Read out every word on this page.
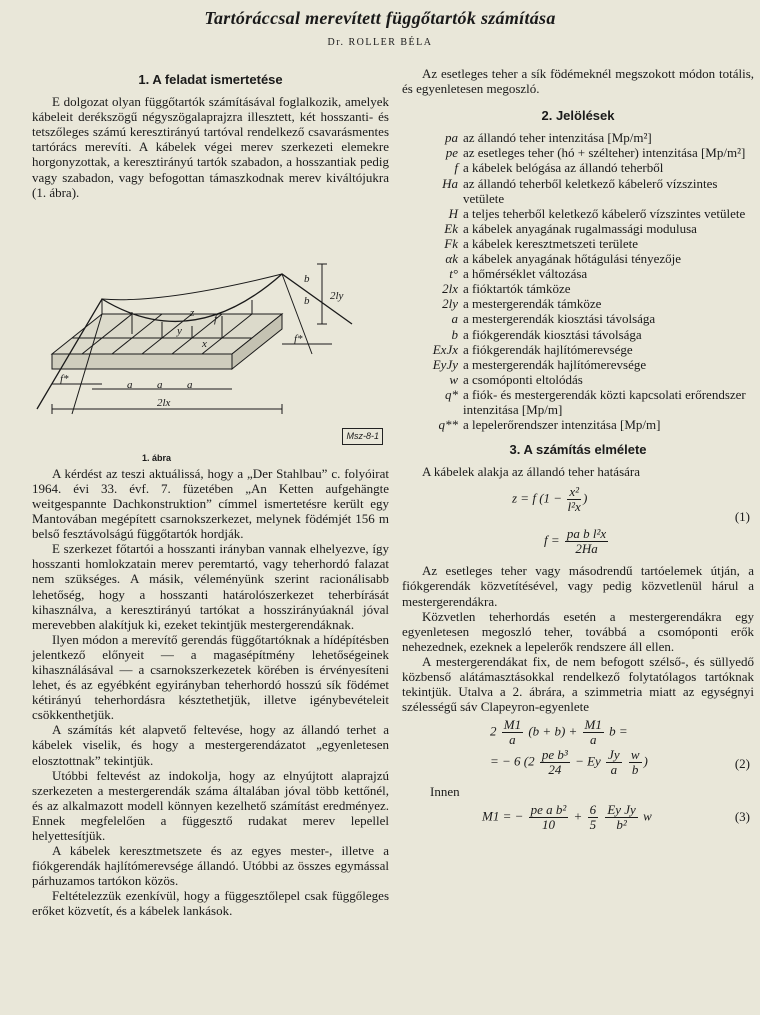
Tartóráccsal merevített függőtartók számítása
Dr. ROLLER BÉLA
1. A feladat ismertetése

E dolgozat olyan függőtartók számításával foglalkozik, amelyek kábeleit derékszögű négyszögalaprajzra illesztett, két hosszanti- és tetszőleges számú keresztirányú tartóval rendelkező csavarásmentes tartórács merevíti. A kábelek végei merev szerkezeti elemekre horgonyzottak, a keresztirányú tartók szabadon, a hosszantiak pedig vagy szabadon, vagy befogottan támaszkodnak merev kiváltójukra (1. ábra).

f*
f*
a a a
2lx
2ly
b
b
y
x
z f
1. ábra
Msz-8-1

A kérdést az teszi aktuálissá, hogy a „Der Stahlbau” c. folyóirat 1964. évi 33. évf. 7. füzetében „An Ketten aufgehängte weitgespannte Dachkonstruktion” címmel ismertetésre került egy Mantovában megépített csarnokszerkezet, melynek födémjét 156 m belső fesztávolságú függőtartók hordják.

E szerkezet főtartói a hosszanti irányban vannak elhelyezve, így hosszanti homlokzatain merev peremtartó, vagy teherhordó falazat nem szükséges. A másik, véleményünk szerint racionálisabb lehetőség, hogy a hosszanti határolószerkezet teherbírását kihasználva, a keresztirányú tartókat a hosszirányúaknál jóval merevebben alakítjuk ki, ezeket tekintjük mestergerendáknak.

Ilyen módon a merevítő gerendás függőtartóknak a hídépítésben jelentkező előnyeit — a magasépítmény lehetőségeinek kihasználásával — a csarnokszerkezetek körében is érvényesíteni lehet, és az egyébként egyirányban teherhordó hosszú sík födémet kétirányú teherhordásra késztethetjük, illetve igénybevételeit csökkenthetjük.

A számítás két alapvető feltevése, hogy az állandó terhet a kábelek viselik, és hogy a mestergerendázatot „egyenletesen elosztottnak” tekintjük.

Utóbbi feltevést az indokolja, hogy az elnyújtott alaprajzú szerkezeten a mestergerendák száma általában jóval több kettőnél, és az alkalmazott modell könnyen kezelhető számítást eredményez. Ennek megfelelően a függesztő rudakat merev lepellel helyettesítjük.

A kábelek keresztmetszete és az egyes mester-, illetve a fiókgerendák hajlítómerevsége állandó. Utóbbi az összes egymással párhuzamos tartókon közös.

Feltételezzük ezenkívül, hogy a függesztőlepel csak függőleges erőket közvetít, és a kábelek lankások.

Az esetleges teher a sík födémeknél megszokott módon totális, és egyenletesen megoszló.

2. Jelölések
pa az állandó teher intenzitása [Mp/m²]
pe az esetleges teher (hó + szélteher) intenzitása [Mp/m²]
f a kábelek belógása az állandó teherből
Ha az állandó teherből keletkező kábelerő vízszintes vetülete
H a teljes teherből keletkező kábelerő vízszintes vetülete
Ek a kábelek anyagának rugalmassági modulusa
Fk a kábelek keresztmetszeti területe
αk a kábelek anyagának hőtágulási tényezője
t° a hőmérséklet változása
2lx a fióktartók támköze
2ly a mestergerendák támköze
a a mestergerendák kiosztási távolsága
b a fiókgerendák kiosztási távolsága
ExJx a fiókgerendák hajlítómerevsége
EyJy a mestergerendák hajlítómerevsége
w a csomóponti eltolódás
q* a fiók- és mestergerendák közti kapcsolati erőrendszer intenzitása [Mp/m]
q** a lepelerőrendszer intenzitása [Mp/m]
3. A számítás elmélete

A kábelek alakja az állandó teher hatására

z = f ($1 - \frac{\text{x²}}{\text{l²x}}$ )
(1)
$f = \frac{\text{pa b l²x}}{2Ha}$

Az esetleges teher vagy másodrendű tartóelemek útján, a fiókgerendák közvetítésével, vagy pedig közvetlenül hárul a mestergerendákra.

Közvetlen teherhordás esetén a mestergerendákra egy egyenletesen megoszló teher, továbbá a csomóponti erők nehezednek, ezeknek a lepelerők rendszere áll ellen.

A mestergerendákat fix, de nem befogott szélső-, és süllyedő közbenső alátámasztásokkal rendelkező folytatólagos tartóknak tekintjük. Utalva a 2. ábrára, a szimmetria miatt az egységnyi szélességű sáv Clapeyron-egyenlete

$2 \frac{M1}{a} (b + b) + \frac{M1}{a}$ b =
= − 6 ($2 \frac{\text{pe b³}}{24} - Ey \frac{Jy}{a}$
$\frac{w}{b}$ )	(2)

Innen

M1 = − $\frac{\text{pe a b²}}{10} + \frac{6}{5}$
$\frac{\text{Ey Jy}}{\text{b²}}$ w	(3)
